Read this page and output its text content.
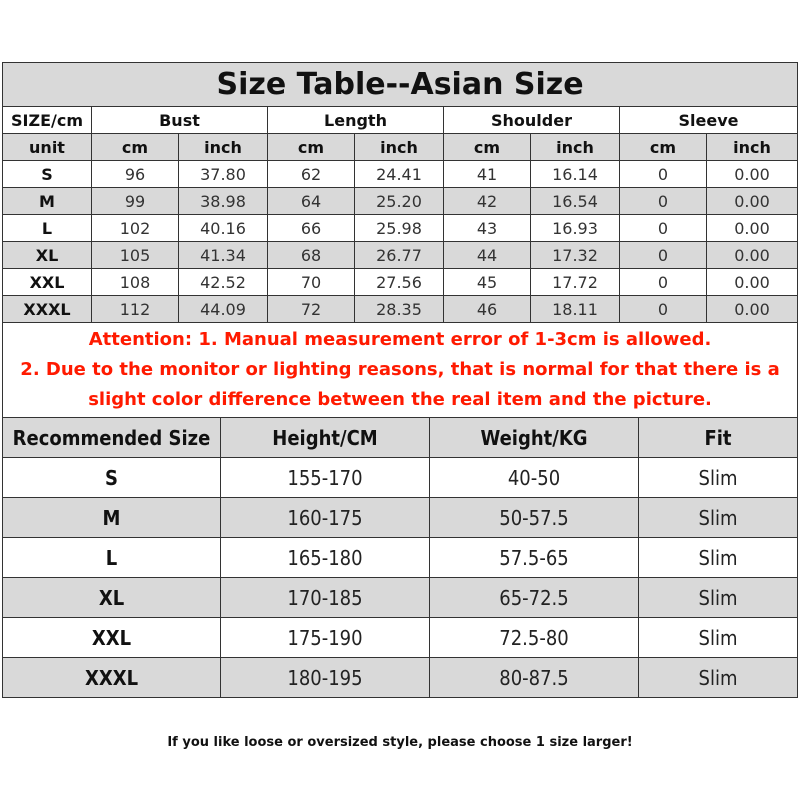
Size Table--Asian Size								
SIZE/cm	Bust		Length		Shoulder		Sleeve	
unit	cm	inch	cm	inch	cm	inch	cm	inch
S	96	37.80	62	24.41	41	16.14	0	0.00
M	99	38.98	64	25.20	42	16.54	0	0.00
L	102	40.16	66	25.98	43	16.93	0	0.00
XL	105	41.34	68	26.77	44	17.32	0	0.00
XXL	108	42.52	70	27.56	45	17.72	0	0.00
XXXL	112	44.09	72	28.35	46	18.11	0	0.00

Attention: 1. Manual measurement error of 1-3cm is allowed.
2. Due to the monitor or lighting reasons, that is normal for that there is a
slight color difference between the real item and the picture.								
Recommended Size	Height/CM	Weight/KG	Fit
S	155-170	40-50	Slim
M	160-175	50-57.5	Slim
L	165-180	57.5-65	Slim
XL	170-185	65-72.5	Slim
XXL	175-190	72.5-80	Slim
XXXL	180-195	80-87.5	Slim
If you like loose or oversized style, please choose 1 size larger!
